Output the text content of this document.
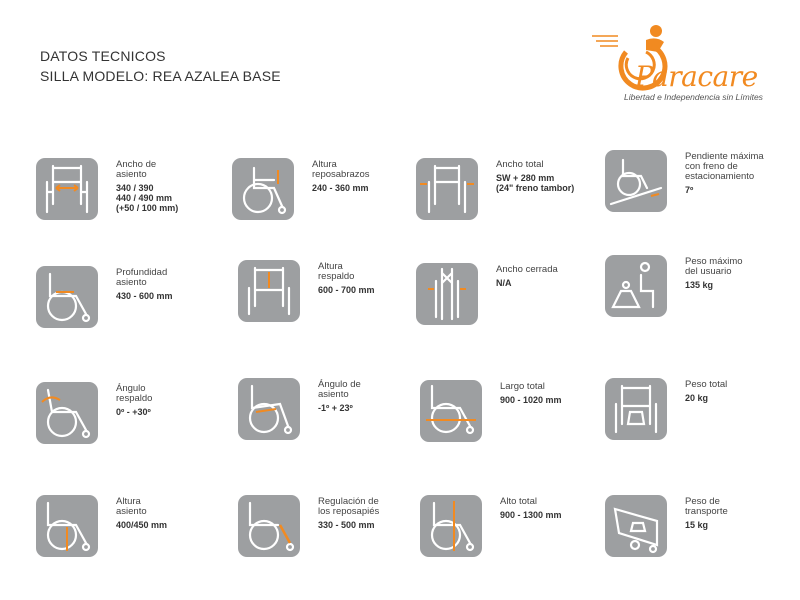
DATOS TECNICOS
SILLA MODELO: REA AZALEA BASE	Paracare
Libertad e Independencia sin Límites
Ancho de
asiento
340 / 390
440 / 490 mm
(+50 / 100 mm)
Altura
reposabrazos
240 - 360 mm
Ancho total
SW + 280 mm
(24" freno tambor)
Pendiente máxima
con freno de
estacionamiento
7º
Profundidad
asiento
430 - 600 mm
Altura
respaldo
600 - 700 mm
Ancho cerrada
N/A
Peso máximo
del usuario
135 kg
Ángulo
respaldo
0º - +30º
Ángulo de
asiento
-1º + 23º
Largo total
900 - 1020 mm
Peso total
20 kg
Altura
asiento
400/450 mm
Regulación de
los reposapiés
330 - 500 mm
Alto total
900 - 1300 mm
Peso de
transporte
15 kg
